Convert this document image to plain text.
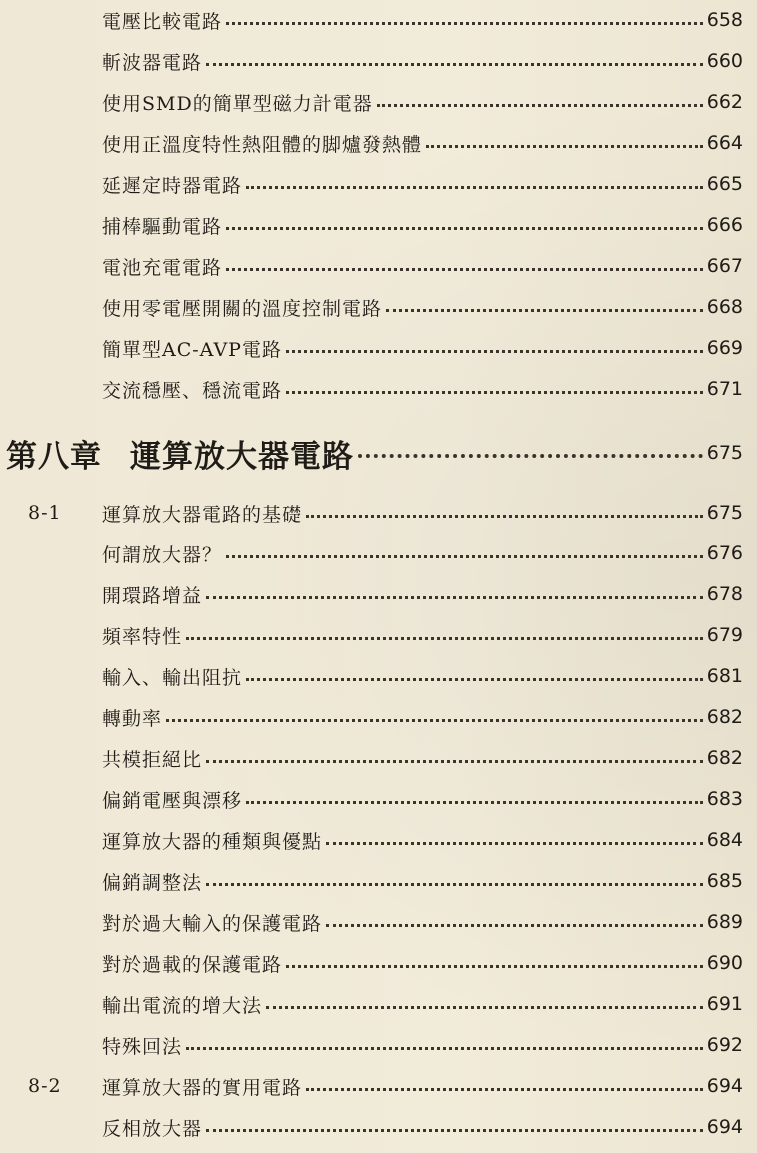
電壓比較電路	658
斬波器電路	660
使用SMD的簡單型磁力計電器	662
使用正溫度特性熱阻體的脚爐發熱體	664
延遲定時器電路	665
捕棒驅動電路	666
電池充電電路	667
使用零電壓開關的溫度控制電路	668
簡單型AC-AVP電路	669
交流穩壓、穩流電路	671
第八章 運算放大器電路	675
8-1	運算放大器電路的基礎	675
何謂放大器？	676
開環路增益	678
頻率特性	679
輸入、輸出阻抗	681
轉動率	682
共模拒絕比	682
偏銷電壓與漂移	683
運算放大器的種類與優點	684
偏銷調整法	685
對於過大輸入的保護電路	689
對於過載的保護電路	690
輸出電流的增大法	691
特殊回法	692
8-2	運算放大器的實用電路	694
反相放大器	694
